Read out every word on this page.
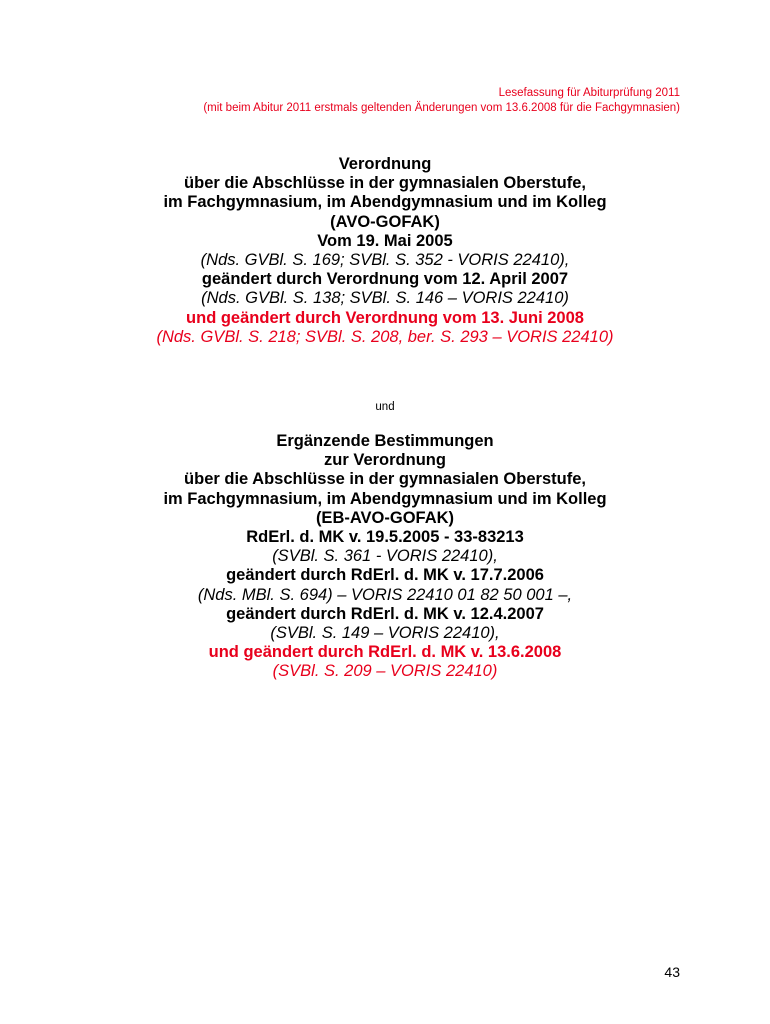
Lesefassung für Abiturprüfung 2011
(mit beim Abitur 2011 erstmals geltenden Änderungen vom 13.6.2008 für die Fachgymnasien)
Verordnung
über die Abschlüsse in der gymnasialen Oberstufe,
im Fachgymnasium, im Abendgymnasium und im Kolleg
(AVO-GOFAK)
Vom 19. Mai 2005
(Nds. GVBl. S. 169; SVBl. S. 352 - VORIS 22410),
geändert durch Verordnung vom 12. April 2007
(Nds. GVBl. S. 138; SVBl. S. 146 – VORIS 22410)
und geändert durch Verordnung vom 13. Juni 2008
(Nds. GVBl. S. 218; SVBl. S. 208, ber. S. 293 – VORIS 22410)
und
Ergänzende Bestimmungen
zur Verordnung
über die Abschlüsse in der gymnasialen Oberstufe,
im Fachgymnasium, im Abendgymnasium und im Kolleg
(EB-AVO-GOFAK)
RdErl. d. MK v. 19.5.2005 - 33-83213
(SVBl. S. 361 - VORIS 22410),
geändert durch RdErl. d. MK v. 17.7.2006
(Nds. MBl. S. 694) – VORIS 22410 01 82 50 001 –,
geändert durch RdErl. d. MK v. 12.4.2007
(SVBl. S. 149 – VORIS 22410),
und geändert durch RdErl. d. MK v. 13.6.2008
(SVBl. S. 209 – VORIS 22410)
43
